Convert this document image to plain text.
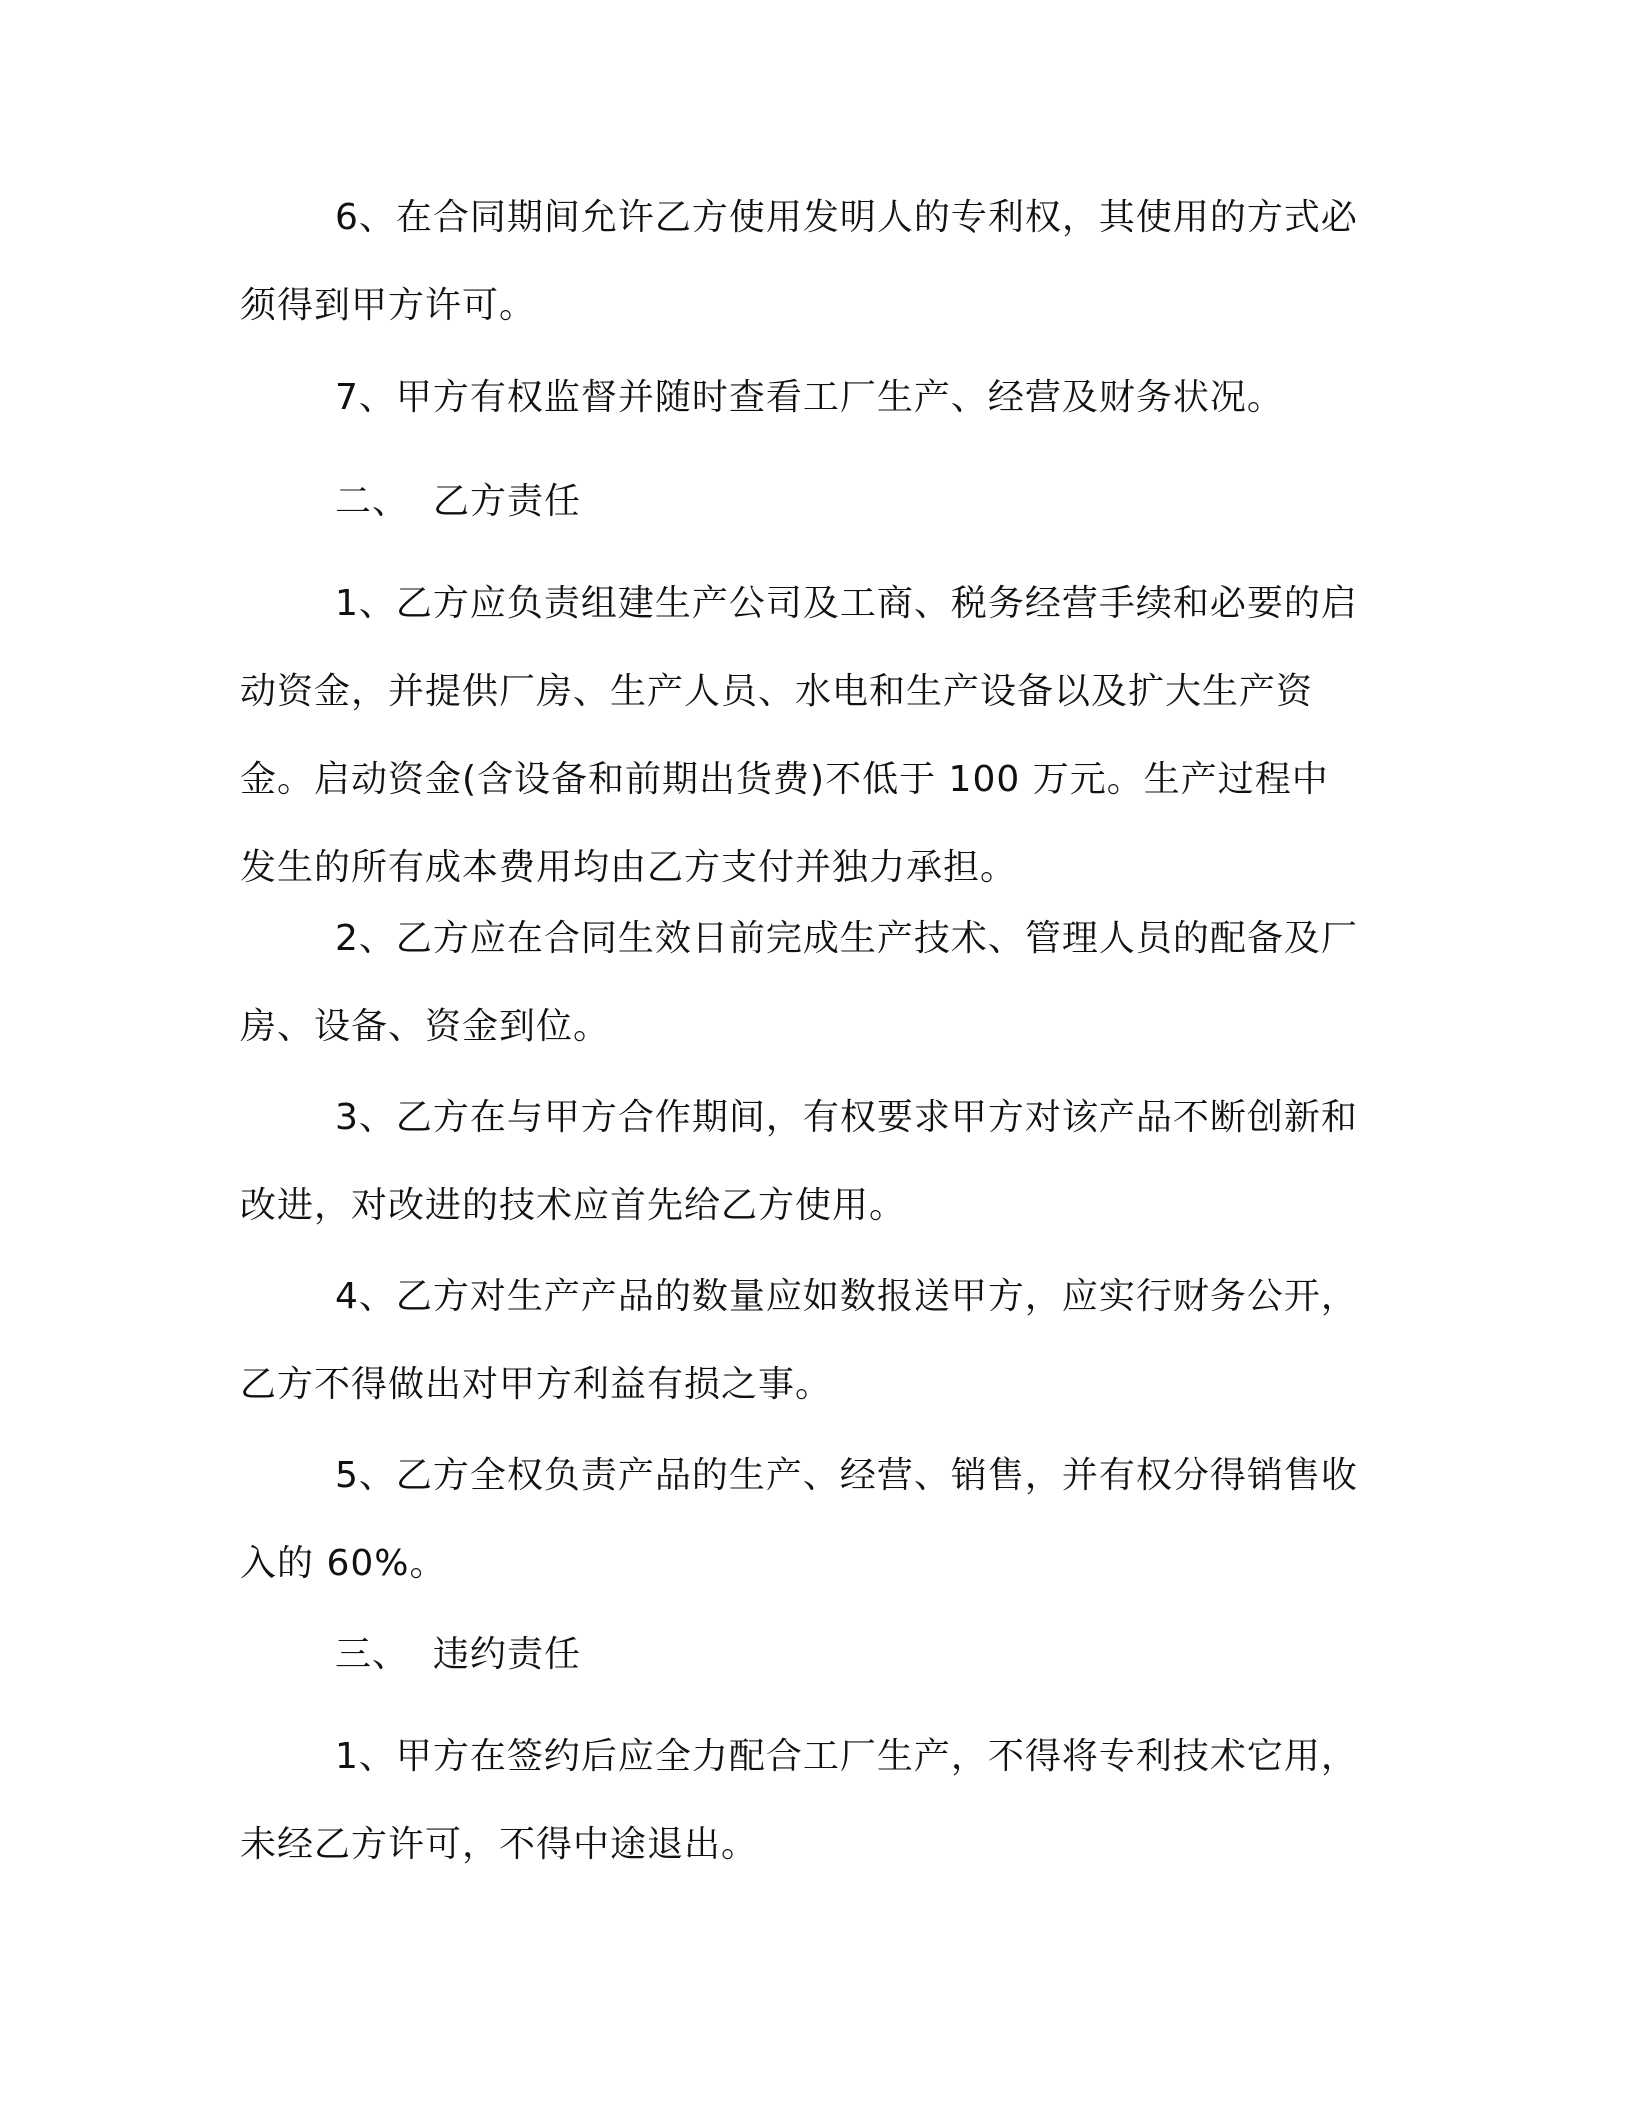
6、在合同期间允许乙方使用发明人的专利权，其使用的方式必须得到甲方许可。

7、甲方有权监督并随时查看工厂生产、经营及财务状况。

二、 乙方责任

1、乙方应负责组建生产公司及工商、税务经营手续和必要的启动资金，并提供厂房、生产人员、水电和生产设备以及扩大生产资金。启动资金(含设备和前期出货费)不低于 100 万元。生产过程中发生的所有成本费用均由乙方支付并独力承担。

2、乙方应在合同生效日前完成生产技术、管理人员的配备及厂房、设备、资金到位。

3、乙方在与甲方合作期间，有权要求甲方对该产品不断创新和改进，对改进的技术应首先给乙方使用。

4、乙方对生产产品的数量应如数报送甲方，应实行财务公开，乙方不得做出对甲方利益有损之事。

5、乙方全权负责产品的生产、经营、销售，并有权分得销售收入的 60%。

三、 违约责任

1、甲方在签约后应全力配合工厂生产，不得将专利技术它用，未经乙方许可，不得中途退出。
